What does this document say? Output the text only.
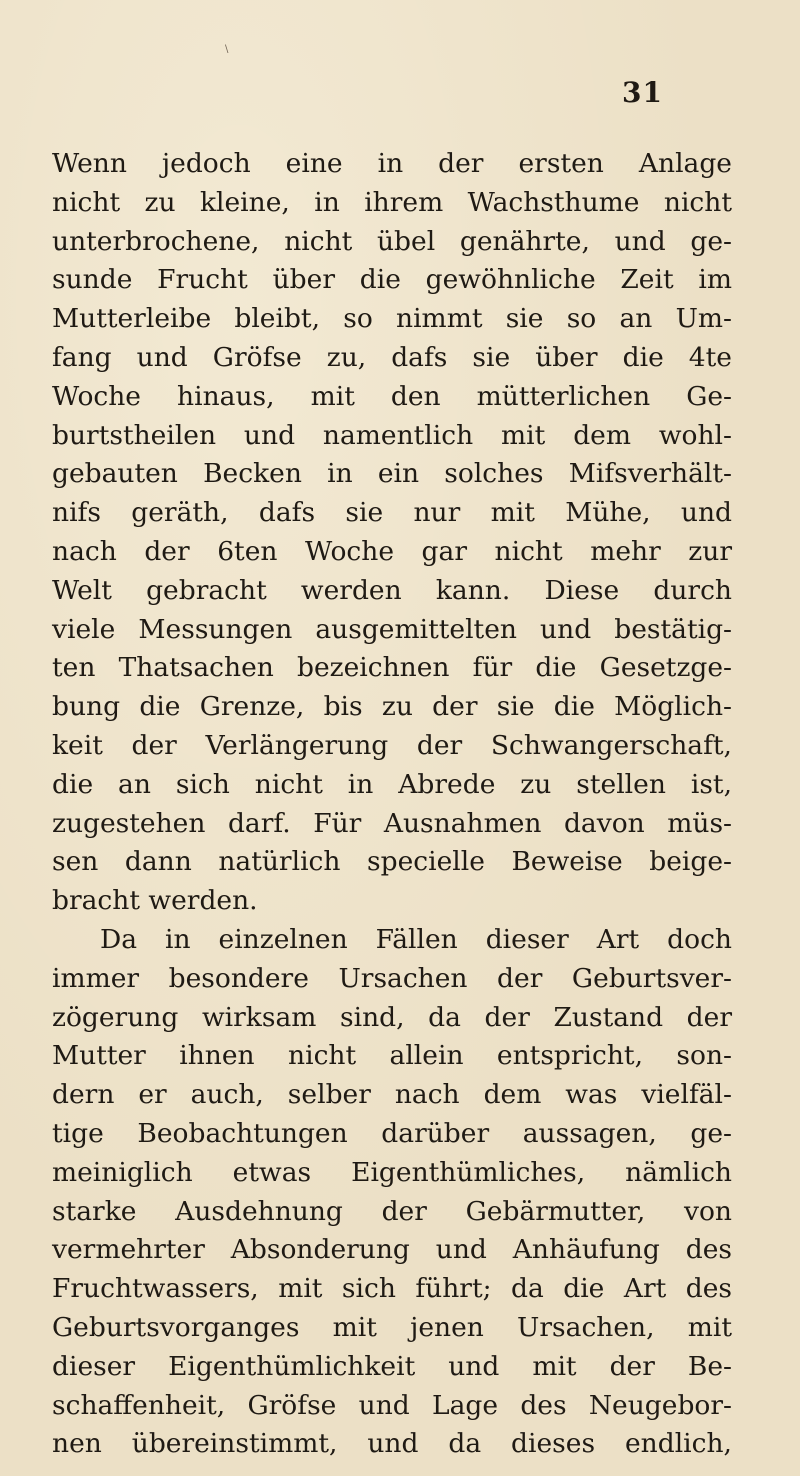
\
31
Wenn jedoch eine in der ersten Anlage
nicht zu kleine, in ihrem Wachsthume nicht
unterbrochene, nicht übel genährte, und ge-
sunde Frucht über die gewöhnliche Zeit im
Mutterleibe bleibt, so nimmt sie so an Um-
fang und Gröfse zu, dafs sie über die 4te
Woche hinaus, mit den mütterlichen Ge-
burtstheilen und namentlich mit dem wohl-
gebauten Becken in ein solches Mifsverhält-
nifs geräth, dafs sie nur mit Mühe, und
nach der 6ten Woche gar nicht mehr zur
Welt gebracht werden kann. Diese durch
viele Messungen ausgemittelten und bestätig-
ten Thatsachen bezeichnen für die Gesetzge-
bung die Grenze, bis zu der sie die Möglich-
keit der Verlängerung der Schwangerschaft,
die an sich nicht in Abrede zu stellen ist,
zugestehen darf. Für Ausnahmen davon müs-
sen dann natürlich specielle Beweise beige-
bracht werden.
Da in einzelnen Fällen dieser Art doch
immer besondere Ursachen der Geburtsver-
zögerung wirksam sind, da der Zustand der
Mutter ihnen nicht allein entspricht, son-
dern er auch, selber nach dem was vielfäl-
tige Beobachtungen darüber aussagen, ge-
meiniglich etwas Eigenthümliches, nämlich
starke Ausdehnung der Gebärmutter, von
vermehrter Absonderung und Anhäufung des
Fruchtwassers, mit sich führt; da die Art des
Geburtsvorganges mit jenen Ursachen, mit
dieser Eigenthümlichkeit und mit der Be-
schaffenheit, Gröfse und Lage des Neugebor-
nen übereinstimmt, und da dieses endlich,
